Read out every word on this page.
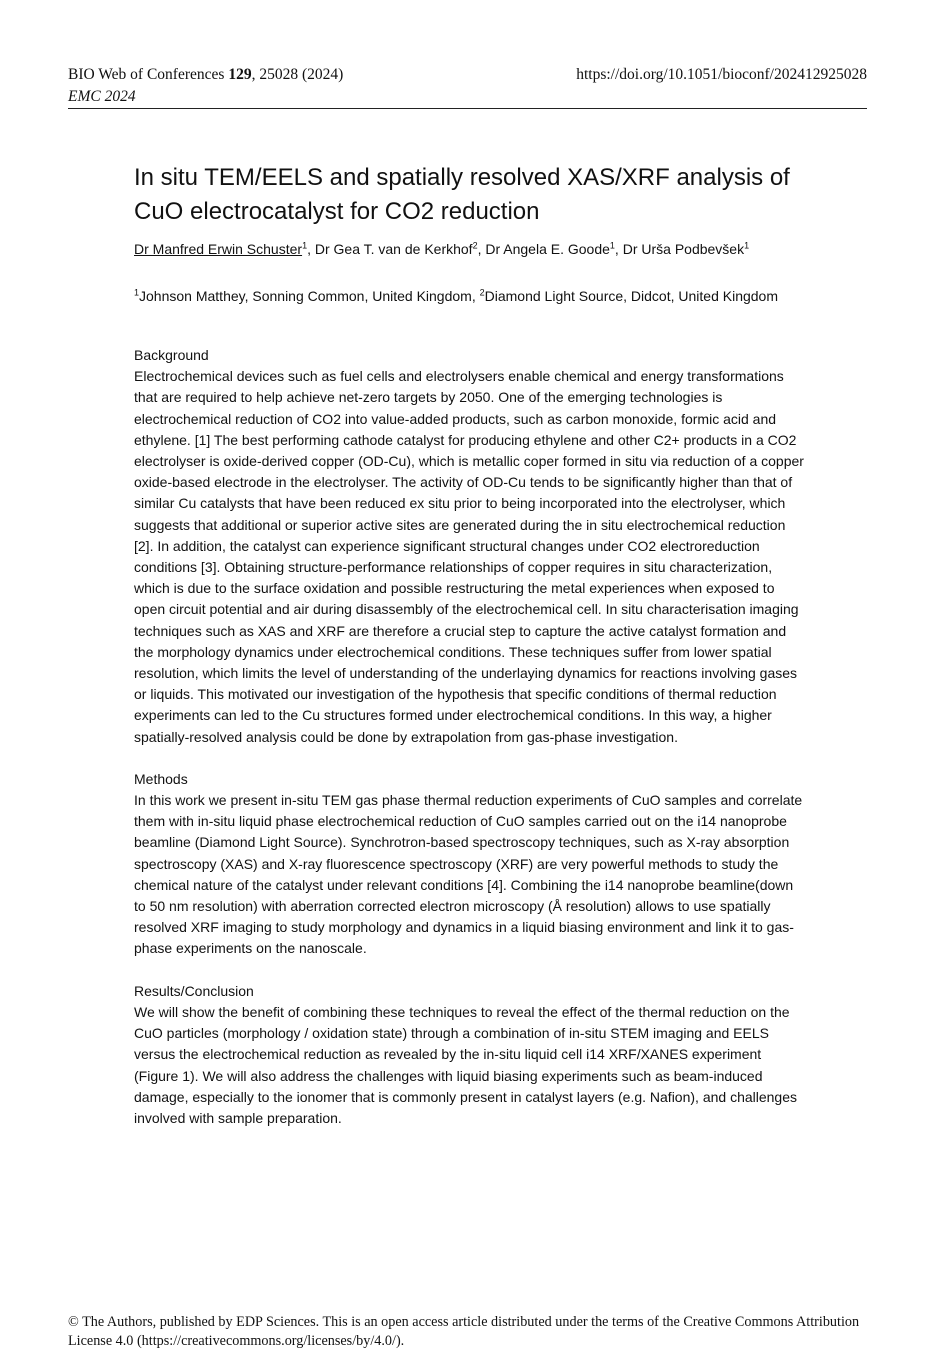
BIO Web of Conferences 129, 25028 (2024)	https://doi.org/10.1051/bioconf/202412925028
EMC 2024
In situ TEM/EELS and spatially resolved XAS/XRF analysis of CuO electrocatalyst for CO2 reduction
Dr Manfred Erwin Schuster$^1$, Dr Gea T. van de Kerkhof$^2$, Dr Angela E. Goode$^1$, Dr Urša Podbevšek$^1$
$^1$Johnson Matthey, Sonning Common, United Kingdom, $^2$Diamond Light Source, Didcot, United Kingdom

Background

Electrochemical devices such as fuel cells and electrolysers enable chemical and energy transformations that are required to help achieve net-zero targets by 2050. One of the emerging technologies is electrochemical reduction of CO2 into value-added products, such as carbon monoxide, formic acid and ethylene. [1] The best performing cathode catalyst for producing ethylene and other C2+ products in a CO2 electrolyser is oxide-derived copper (OD-Cu), which is metallic coper formed in situ via reduction of a copper oxide-based electrode in the electrolyser. The activity of OD-Cu tends to be significantly higher than that of similar Cu catalysts that have been reduced ex situ prior to being incorporated into the electrolyser, which suggests that additional or superior active sites are generated during the in situ electrochemical reduction [2]. In addition, the catalyst can experience significant structural changes under CO2 electroreduction conditions [3]. Obtaining structure-performance relationships of copper requires in situ characterization, which is due to the surface oxidation and possible restructuring the metal experiences when exposed to open circuit potential and air during disassembly of the electrochemical cell. In situ characterisation imaging techniques such as XAS and XRF are therefore a crucial step to capture the active catalyst formation and the morphology dynamics under electrochemical conditions. These techniques suffer from lower spatial resolution, which limits the level of understanding of the underlaying dynamics for reactions involving gases or liquids. This motivated our investigation of the hypothesis that specific conditions of thermal reduction experiments can led to the Cu structures formed under electrochemical conditions. In this way, a higher spatially-resolved analysis could be done by extrapolation from gas-phase investigation.

Methods

In this work we present in-situ TEM gas phase thermal reduction experiments of CuO samples and correlate them with in-situ liquid phase electrochemical reduction of CuO samples carried out on the i14 nanoprobe beamline (Diamond Light Source). Synchrotron-based spectroscopy techniques, such as X-ray absorption spectroscopy (XAS) and X-ray fluorescence spectroscopy (XRF) are very powerful methods to study the chemical nature of the catalyst under relevant conditions [4]. Combining the i14 nanoprobe beamline(down to 50 nm resolution) with aberration corrected electron microscopy (Å resolution) allows to use spatially resolved XRF imaging to study morphology and dynamics in a liquid biasing environment and link it to gas-phase experiments on the nanoscale.

Results/Conclusion

We will show the benefit of combining these techniques to reveal the effect of the thermal reduction on the CuO particles (morphology / oxidation state) through a combination of in-situ STEM imaging and EELS versus the electrochemical reduction as revealed by the in-situ liquid cell i14 XRF/XANES experiment (Figure 1). We will also address the challenges with liquid biasing experiments such as beam-induced damage, especially to the ionomer that is commonly present in catalyst layers (e.g. Nafion), and challenges involved with sample preparation.

© The Authors, published by EDP Sciences. This is an open access article distributed under the terms of the Creative Commons Attribution License 4.0 (https://creativecommons.org/licenses/by/4.0/).
